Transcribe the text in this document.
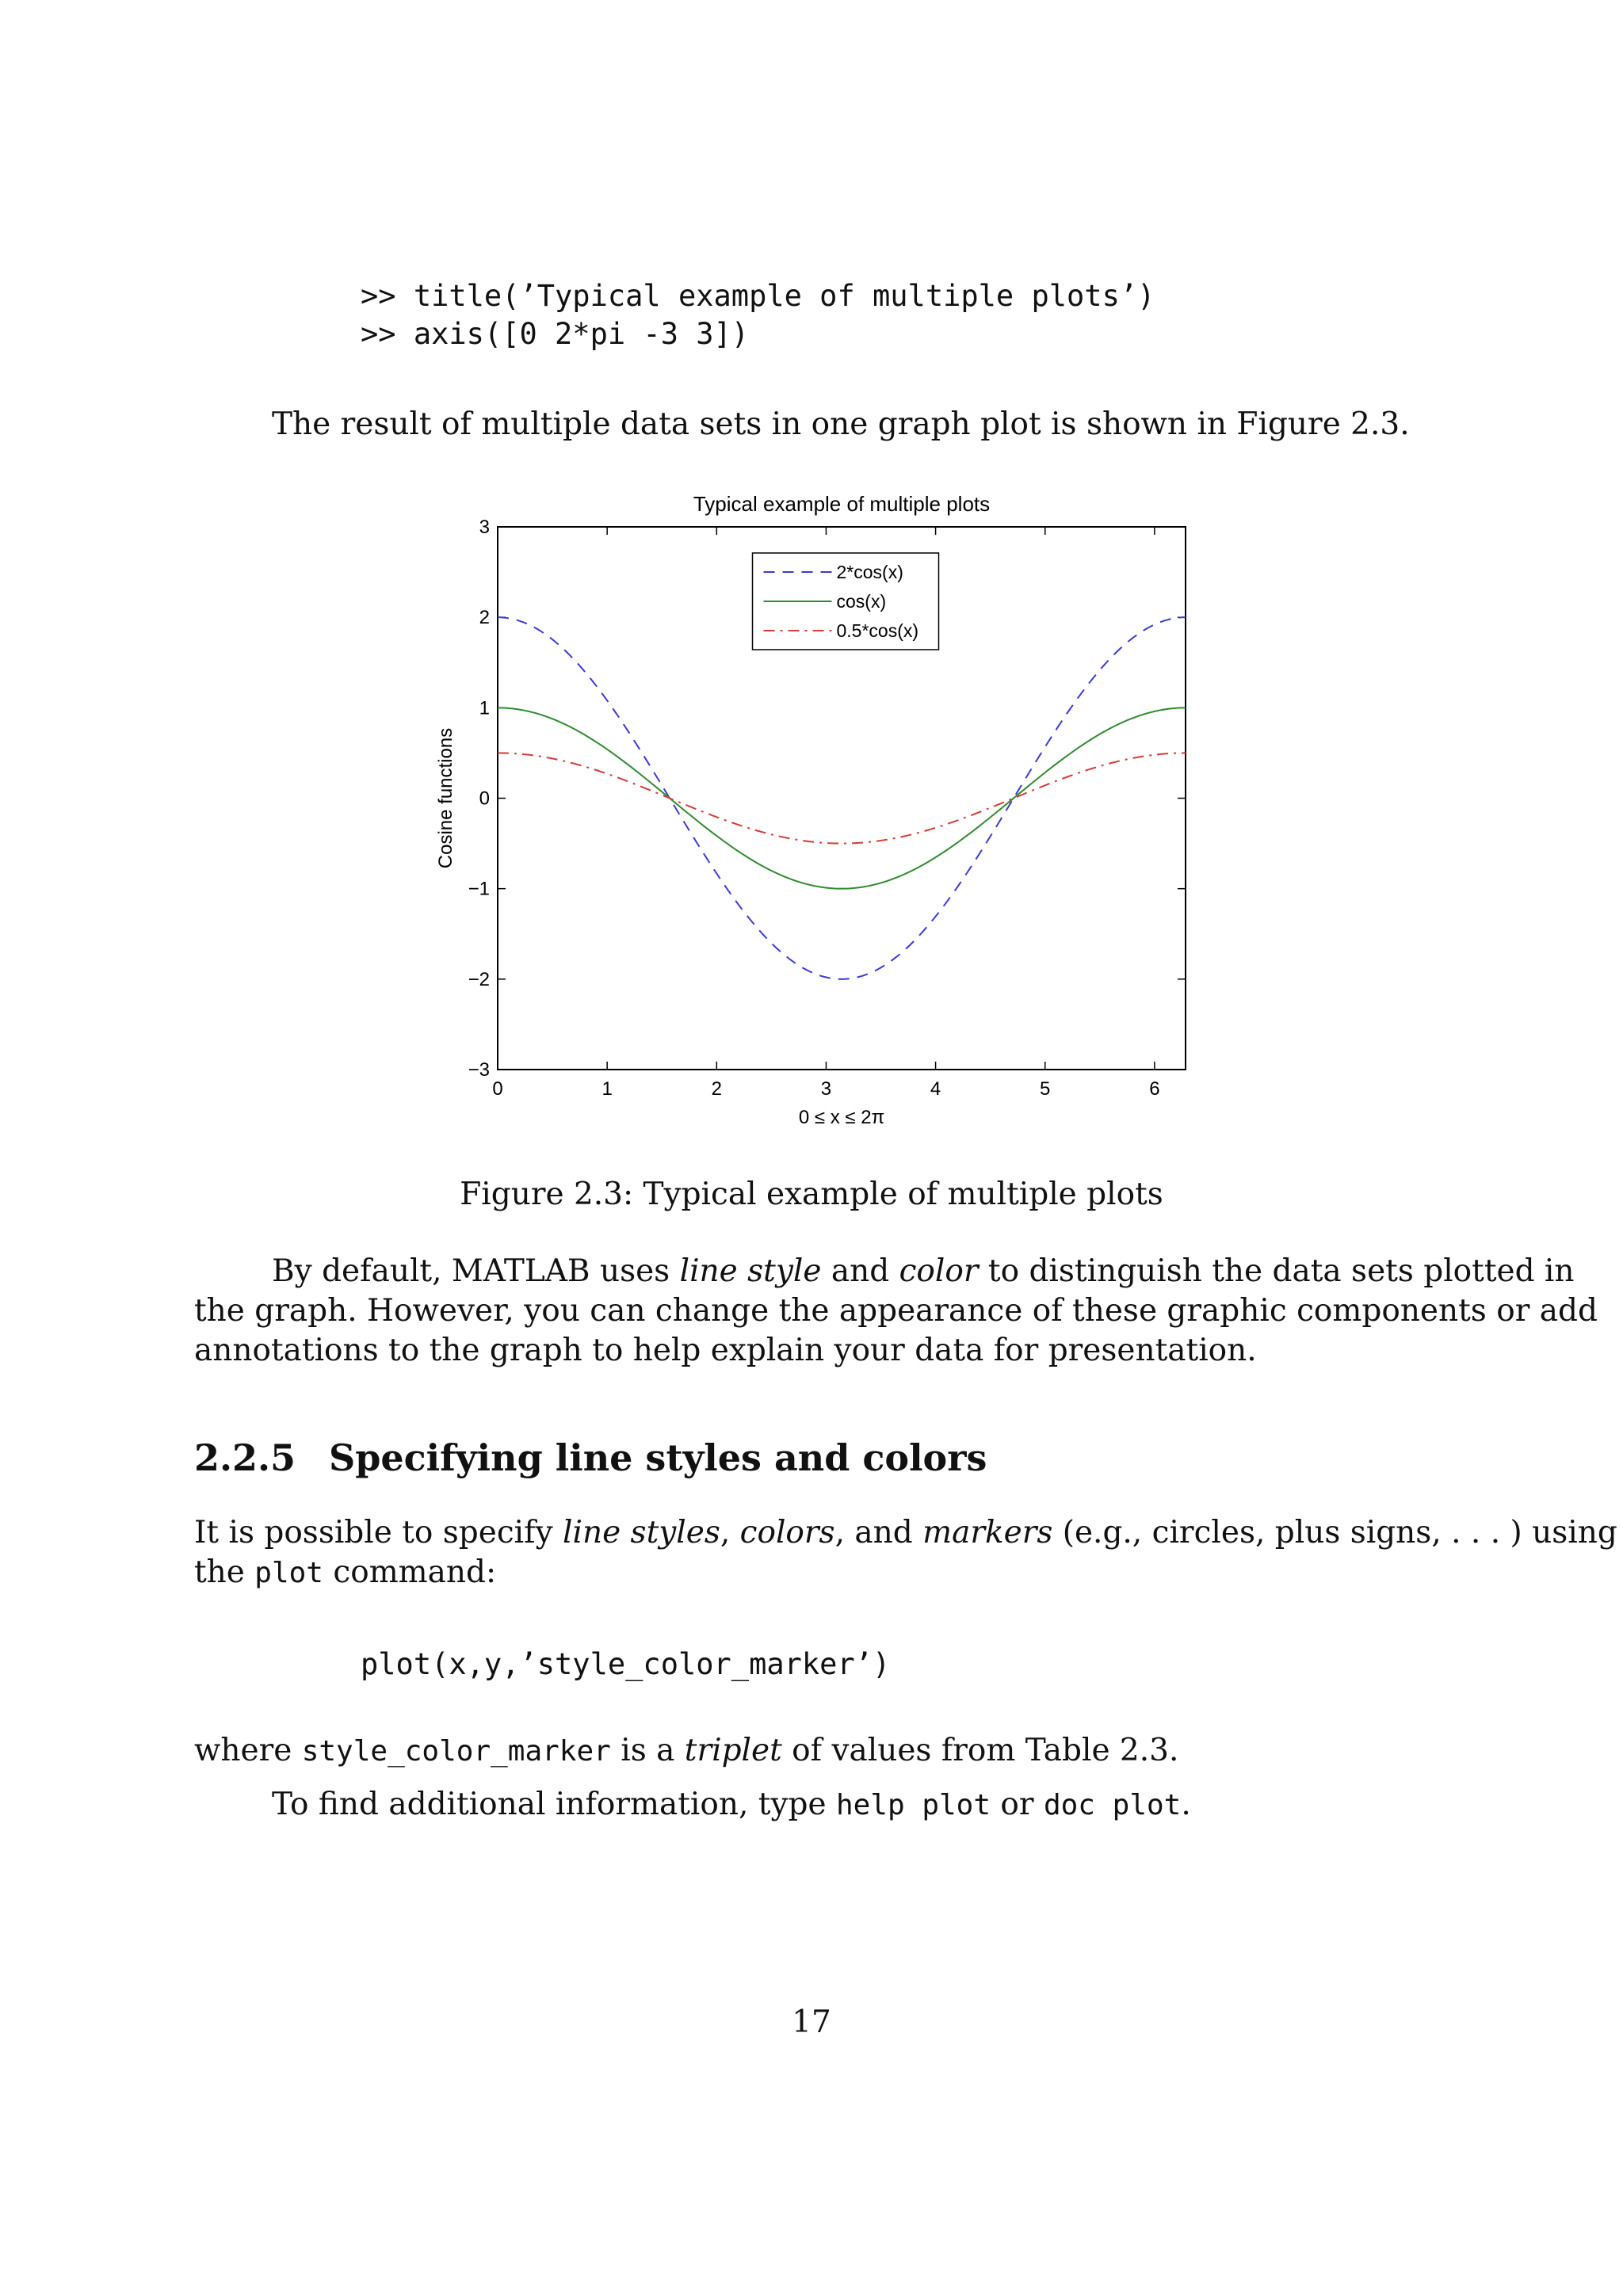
>> title(’Typical example of multiple plots’)
>> axis([0 2*pi -3 3])
The result of multiple data sets in one graph plot is shown in Figure 2.3.
Typical example of multiple plots
0	1	2	3	4	5	6
3
2
1
0
−1
−2
−3
0 ≤ x ≤ 2π
Cosine functions
2*cos(x)
cos(x)
0.5*cos(x)
Figure 2.3: Typical example of multiple plots
By default, MATLAB uses line style and color to distinguish the data sets plotted in
the graph. However, you can change the appearance of these graphic components or add
annotations to the graph to help explain your data for presentation.
2.2.5 Specifying line styles and colors
It is possible to specify line styles, colors, and markers (e.g., circles, plus signs, . . . ) using
the plot command:
plot(x,y,’style_color_marker’)
where style_color_marker is a triplet of values from Table 2.3.
To find additional information, type help plot or doc plot.
17
